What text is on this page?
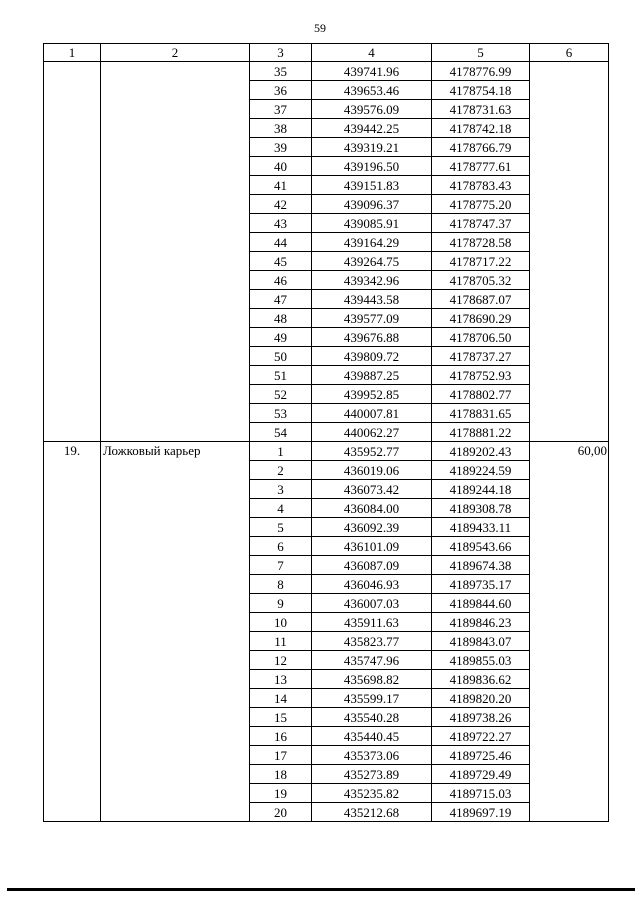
59
1	2	3	4	5	6
		35	439741.96	4178776.99	
		36	439653.46	4178754.18	
		37	439576.09	4178731.63	
		38	439442.25	4178742.18	
		39	439319.21	4178766.79	
		40	439196.50	4178777.61	
		41	439151.83	4178783.43	
		42	439096.37	4178775.20	
		43	439085.91	4178747.37	
		44	439164.29	4178728.58	
		45	439264.75	4178717.22	
		46	439342.96	4178705.32	
		47	439443.58	4178687.07	
		48	439577.09	4178690.29	
		49	439676.88	4178706.50	
		50	439809.72	4178737.27	
		51	439887.25	4178752.93	
		52	439952.85	4178802.77	
		53	440007.81	4178831.65	
		54	440062.27	4178881.22	
19.	Ложковый карьер	1	435952.77	4189202.43	60,00
		2	436019.06	4189224.59	
		3	436073.42	4189244.18	
		4	436084.00	4189308.78	
		5	436092.39	4189433.11	
		6	436101.09	4189543.66	
		7	436087.09	4189674.38	
		8	436046.93	4189735.17	
		9	436007.03	4189844.60	
		10	435911.63	4189846.23	
		11	435823.77	4189843.07	
		12	435747.96	4189855.03	
		13	435698.82	4189836.62	
		14	435599.17	4189820.20	
		15	435540.28	4189738.26	
		16	435440.45	4189722.27	
		17	435373.06	4189725.46	
		18	435273.89	4189729.49	
		19	435235.82	4189715.03	
		20	435212.68	4189697.19	
